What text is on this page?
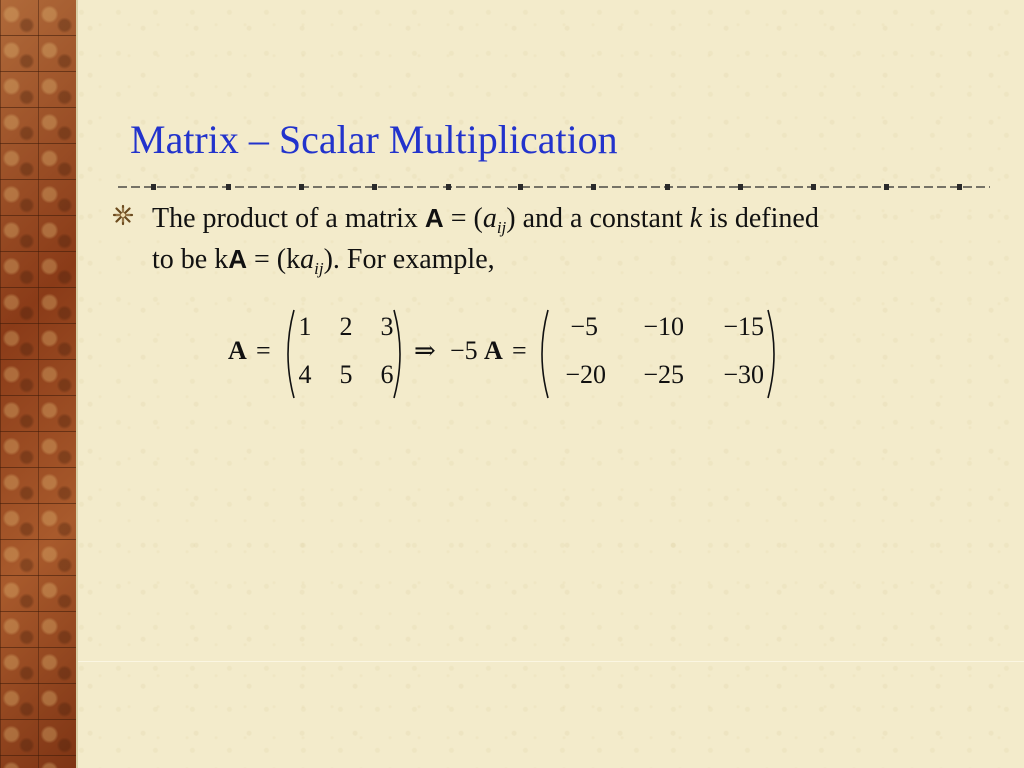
Matrix – Scalar Multiplication
The product of a matrix $A = (a_{ij})$ and a constant k is defined
to be kA = $(ka_{ij})$. For example,
A =
1	2	3
4	5	6
⇒ −5 A =
−5	−10	−15
−20	−25	−30
